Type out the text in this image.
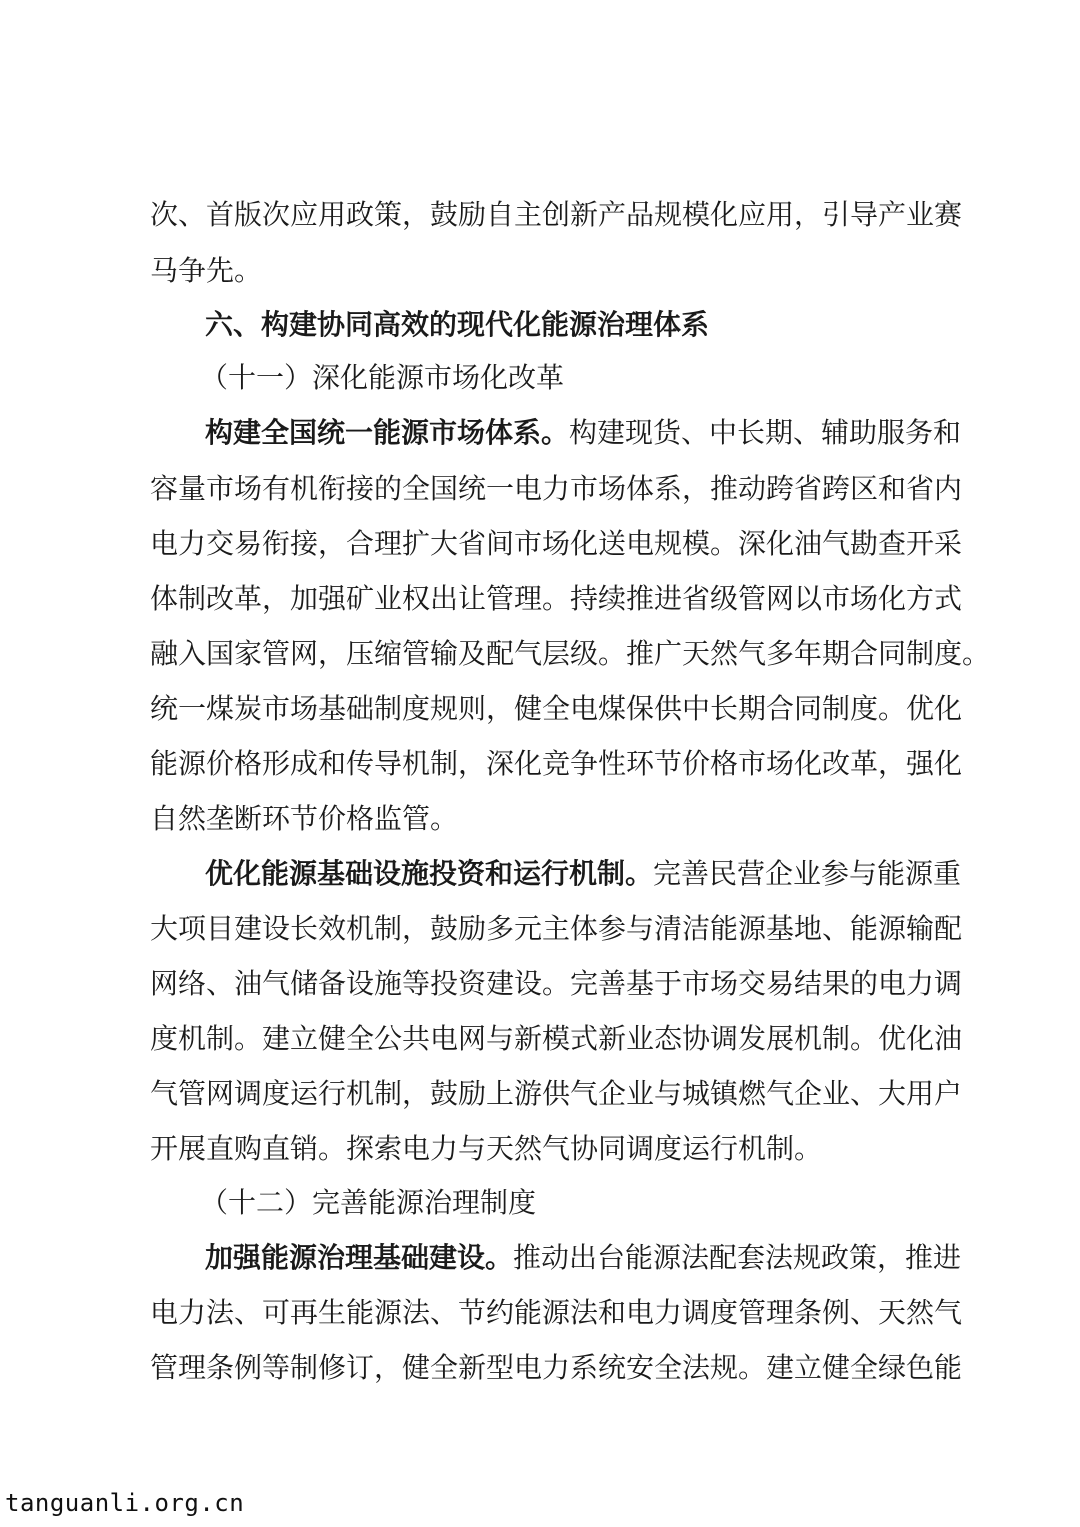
次、首版次应用政策，鼓励自主创新产品规模化应用，引导产业赛
马争先。
六、构建协同高效的现代化能源治理体系
（十一）深化能源市场化改革
构建全国统一能源市场体系。构建现货、中长期、辅助服务和
容量市场有机衔接的全国统一电力市场体系，推动跨省跨区和省内
电力交易衔接，合理扩大省间市场化送电规模。深化油气勘查开采
体制改革，加强矿业权出让管理。持续推进省级管网以市场化方式
融入国家管网，压缩管输及配气层级。推广天然气多年期合同制度。
统一煤炭市场基础制度规则，健全电煤保供中长期合同制度。优化
能源价格形成和传导机制，深化竞争性环节价格市场化改革，强化
自然垄断环节价格监管。
优化能源基础设施投资和运行机制。完善民营企业参与能源重
大项目建设长效机制，鼓励多元主体参与清洁能源基地、能源输配
网络、油气储备设施等投资建设。完善基于市场交易结果的电力调
度机制。建立健全公共电网与新模式新业态协调发展机制。优化油
气管网调度运行机制，鼓励上游供气企业与城镇燃气企业、大用户
开展直购直销。探索电力与天然气协同调度运行机制。
（十二）完善能源治理制度
加强能源治理基础建设。推动出台能源法配套法规政策，推进
电力法、可再生能源法、节约能源法和电力调度管理条例、天然气
管理条例等制修订，健全新型电力系统安全法规。建立健全绿色能
tanguanli.org.cn
